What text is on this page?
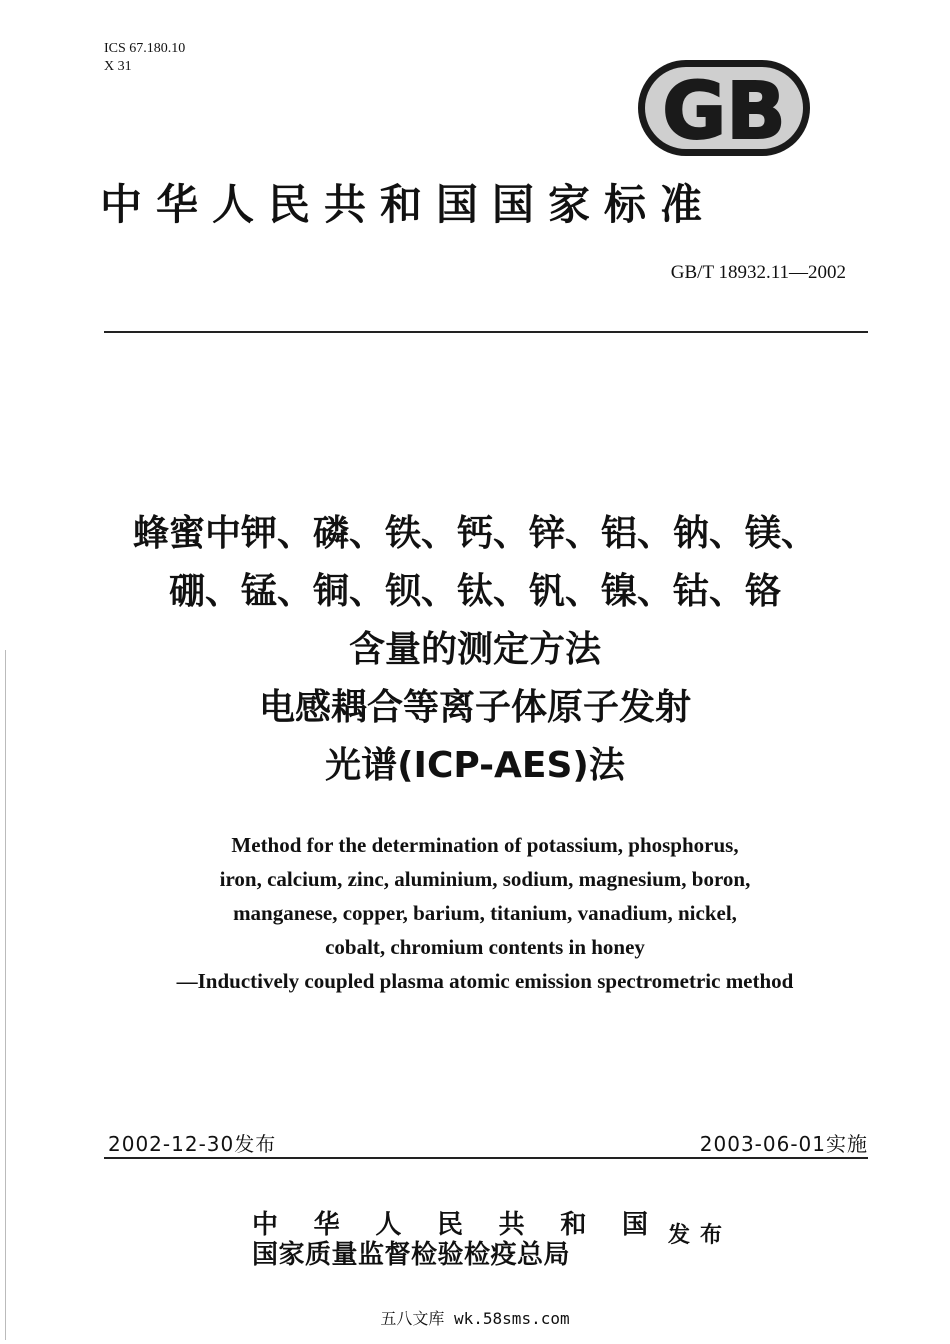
ICS 67.180.10
X 31
GB
中华人民共和国国家标准
GB/T 18932.11—2002
蜂蜜中钾、磷、铁、钙、锌、铝、钠、镁、
硼、锰、铜、钡、钛、钒、镍、钴、铬
含量的测定方法
电感耦合等离子体原子发射
光谱(ICP-AES)法
Method for the determination of potassium, phosphorus,
iron, calcium, zinc, aluminium, sodium, magnesium, boron,
manganese, copper, barium, titanium, vanadium, nickel,
cobalt, chromium contents in honey
—Inductively coupled plasma atomic emission spectrometric method
2002-12-30发布	2003-06-01实施
中华人民共和国
国家质量监督检验检疫总局
发布
五八文库 wk.58sms.com
